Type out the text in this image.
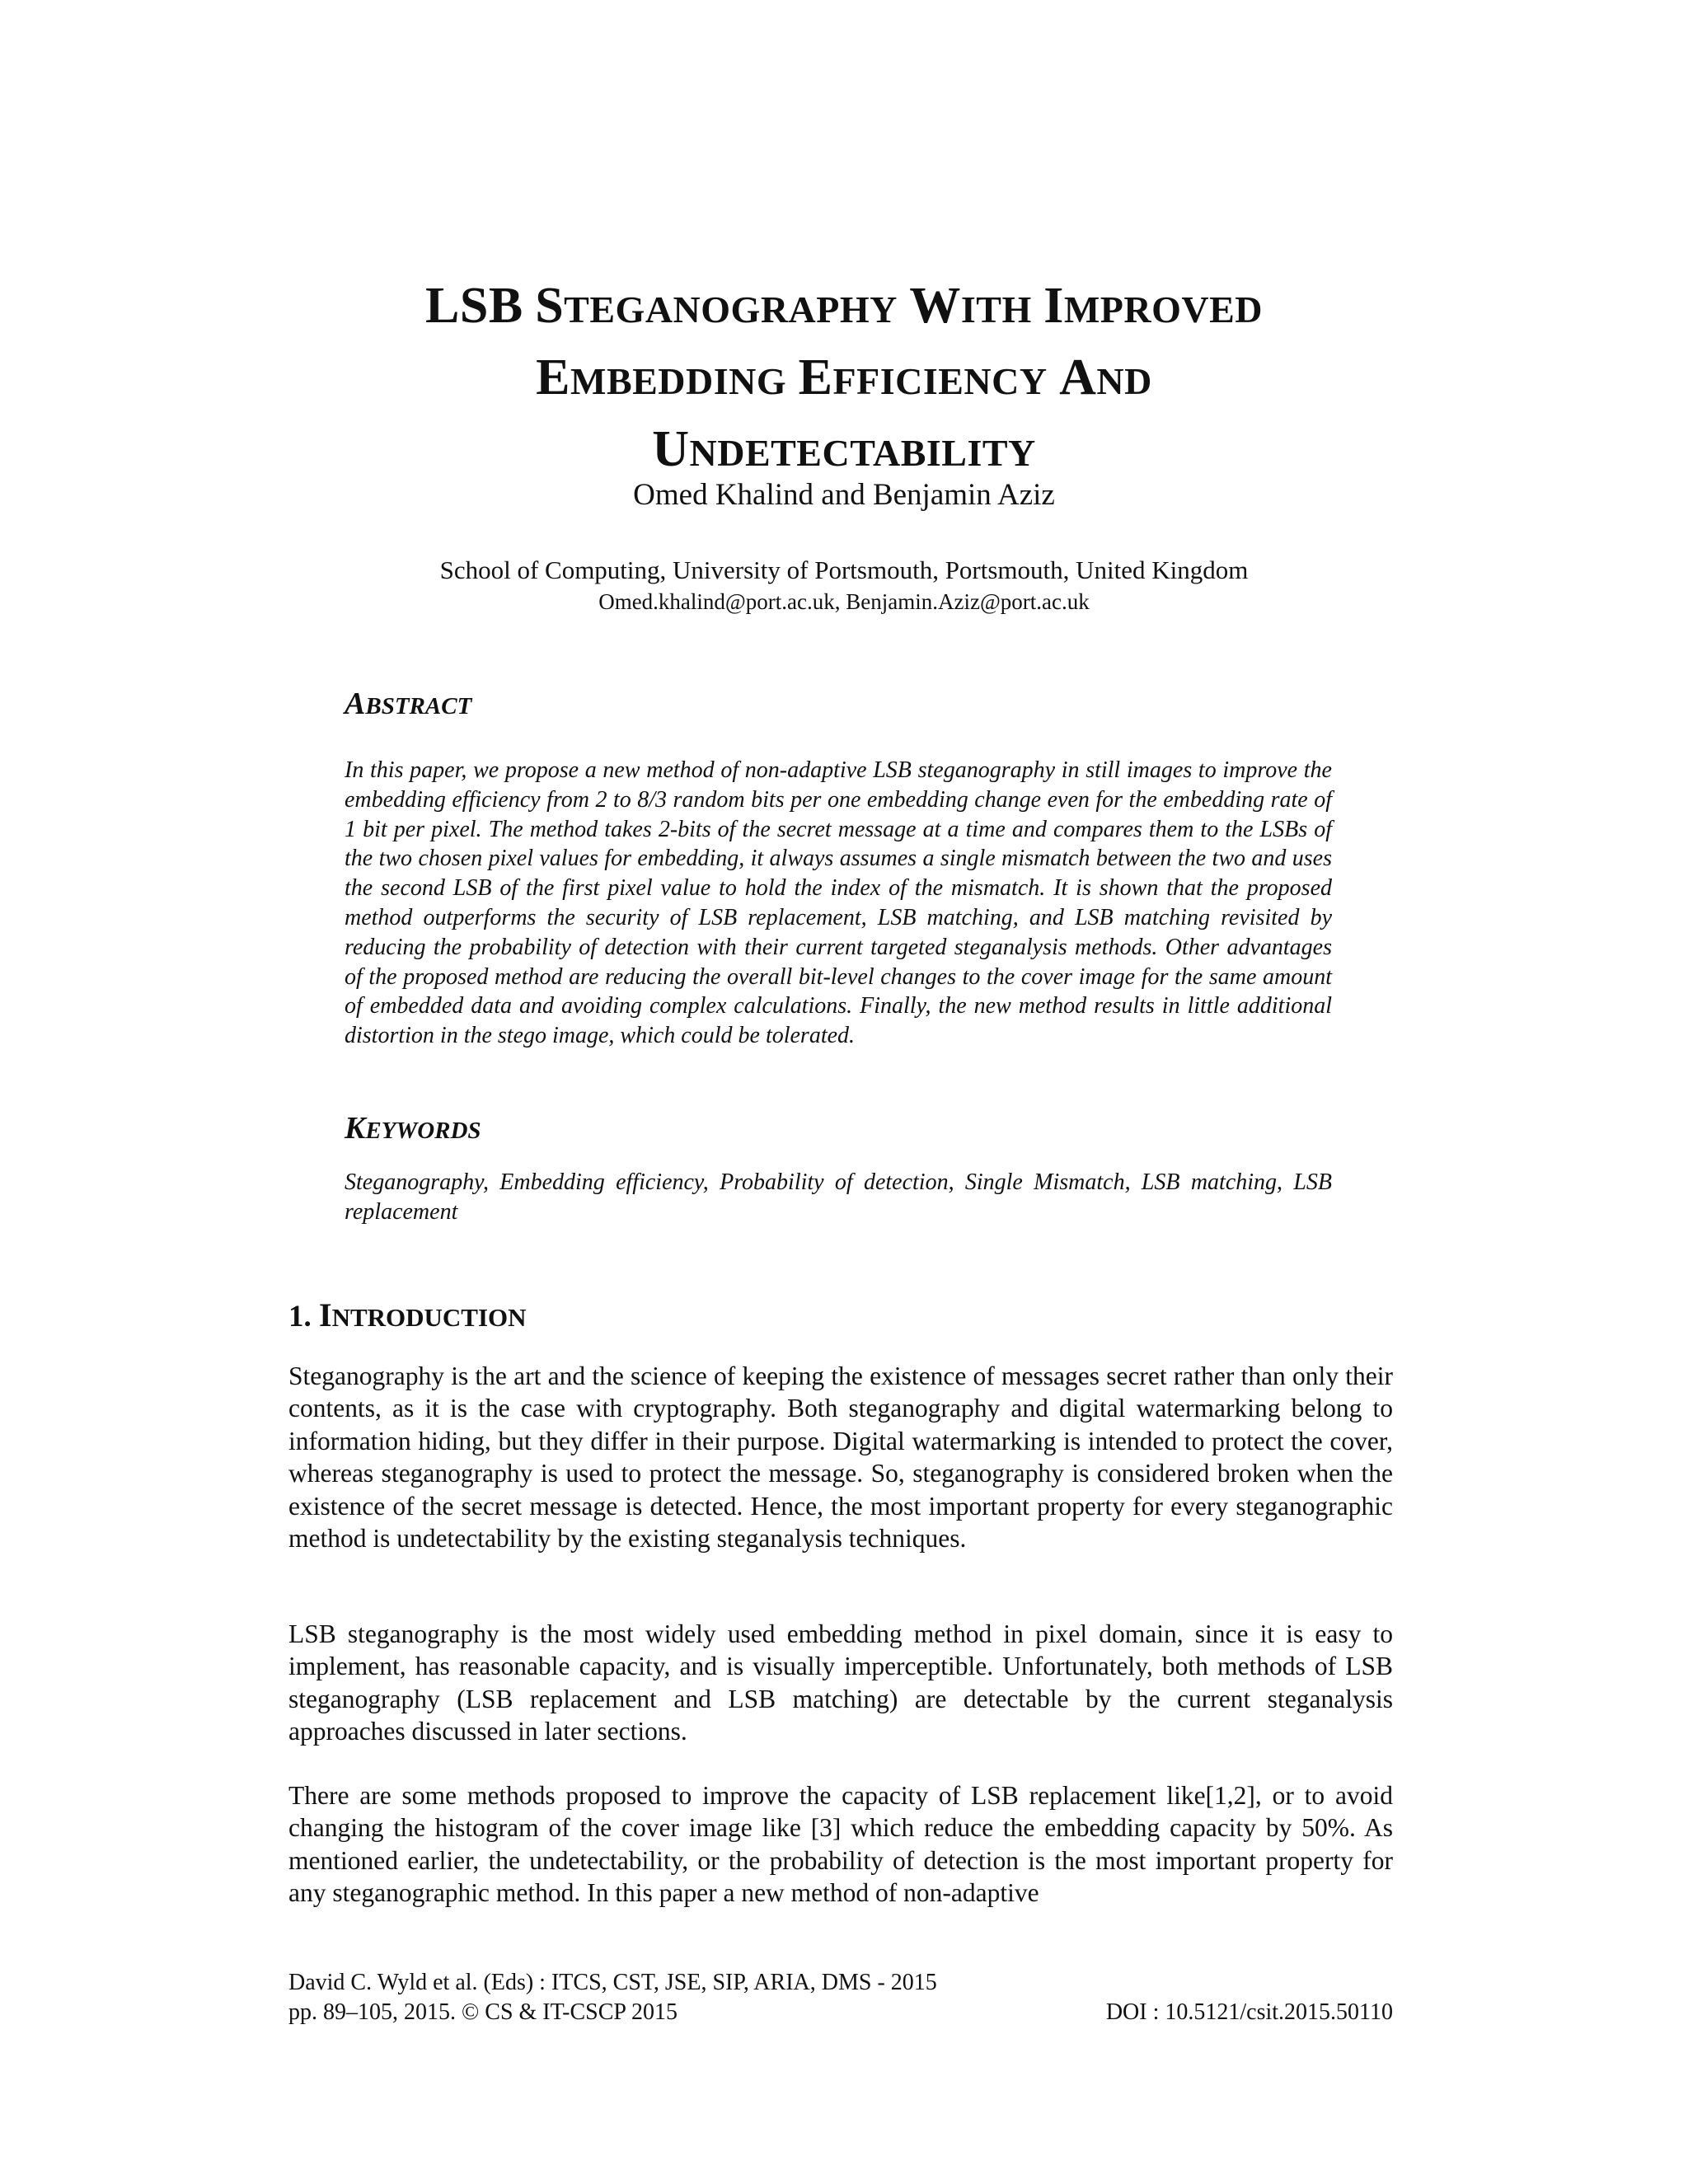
LSB STEGANOGRAPHY WITH IMPROVED
EMBEDDING EFFICIENCY AND
UNDETECTABILITY
Omed Khalind and Benjamin Aziz
School of Computing, University of Portsmouth, Portsmouth, United Kingdom
Omed.khalind@port.ac.uk, Benjamin.Aziz@port.ac.uk
ABSTRACT
In this paper, we propose a new method of non-adaptive LSB steganography in still images to improve the embedding efficiency from 2 to 8/3 random bits per one embedding change even for the embedding rate of 1 bit per pixel. The method takes 2-bits of the secret message at a time and compares them to the LSBs of the two chosen pixel values for embedding, it always assumes a single mismatch between the two and uses the second LSB of the first pixel value to hold the index of the mismatch. It is shown that the proposed method outperforms the security of LSB replacement, LSB matching, and LSB matching revisited by reducing the probability of detection with their current targeted steganalysis methods. Other advantages of the proposed method are reducing the overall bit-level changes to the cover image for the same amount of embedded data and avoiding complex calculations. Finally, the new method results in little additional distortion in the stego image, which could be tolerated.
KEYWORDS
Steganography, Embedding efficiency, Probability of detection, Single Mismatch, LSB matching, LSB replacement
1. INTRODUCTION
Steganography is the art and the science of keeping the existence of messages secret rather than only their contents, as it is the case with cryptography. Both steganography and digital watermarking belong to information hiding, but they differ in their purpose. Digital watermarking is intended to protect the cover, whereas steganography is used to protect the message. So, steganography is considered broken when the existence of the secret message is detected. Hence, the most important property for every steganographic method is undetectability by the existing steganalysis techniques.
LSB steganography is the most widely used embedding method in pixel domain, since it is easy to implement, has reasonable capacity, and is visually imperceptible. Unfortunately, both methods of LSB steganography (LSB replacement and LSB matching) are detectable by the current steganalysis approaches discussed in later sections.
There are some methods proposed to improve the capacity of LSB replacement like[1,2], or to avoid changing the histogram of the cover image like [3] which reduce the embedding capacity by 50%. As mentioned earlier, the undetectability, or the probability of detection is the most important property for any steganographic method. In this paper a new method of non-adaptive
David C. Wyld et al. (Eds) : ITCS, CST, JSE, SIP, ARIA, DMS - 2015
pp. 89–105, 2015. © CS & IT-CSCP 2015	DOI : 10.5121/csit.2015.50110
